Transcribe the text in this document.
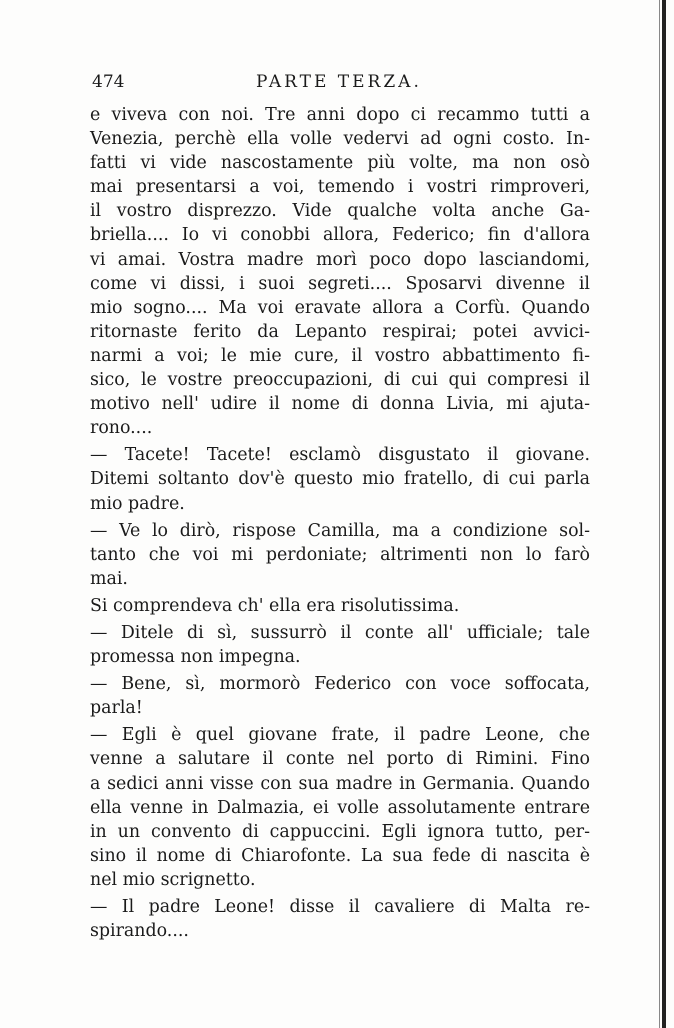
474	PARTE TERZA.
e viveva con noi. Tre anni dopo ci recammo tutti a
Venezia, perchè ella volle vedervi ad ogni costo. In-
fatti vi vide nascostamente più volte, ma non osò
mai presentarsi a voi, temendo i vostri rimproveri,
il vostro disprezzo. Vide qualche volta anche Ga-
briella.... Io vi conobbi allora, Federico; fin d'allora
vi amai. Vostra madre morì poco dopo lasciandomi,
come vi dissi, i suoi segreti.... Sposarvi divenne il
mio sogno.... Ma voi eravate allora a Corfù. Quando
ritornaste ferito da Lepanto respirai; potei avvici-
narmi a voi; le mie cure, il vostro abbattimento fi-
sico, le vostre preoccupazioni, di cui qui compresi il
motivo nell' udire il nome di donna Livia, mi ajuta-
rono....
— Tacete! Tacete! esclamò disgustato il giovane.
Ditemi soltanto dov'è questo mio fratello, di cui parla
mio padre.
— Ve lo dirò, rispose Camilla, ma a condizione sol-
tanto che voi mi perdoniate; altrimenti non lo farò
mai.
Si comprendeva ch' ella era risolutissima.
— Ditele di sì, sussurrò il conte all' ufficiale; tale
promessa non impegna.
— Bene, sì, mormorò Federico con voce soffocata,
parla!
— Egli è quel giovane frate, il padre Leone, che
venne a salutare il conte nel porto di Rimini. Fino
a sedici anni visse con sua madre in Germania. Quando
ella venne in Dalmazia, ei volle assolutamente entrare
in un convento di cappuccini. Egli ignora tutto, per-
sino il nome di Chiarofonte. La sua fede di nascita è
nel mio scrignetto.
— Il padre Leone! disse il cavaliere di Malta re-
spirando....
